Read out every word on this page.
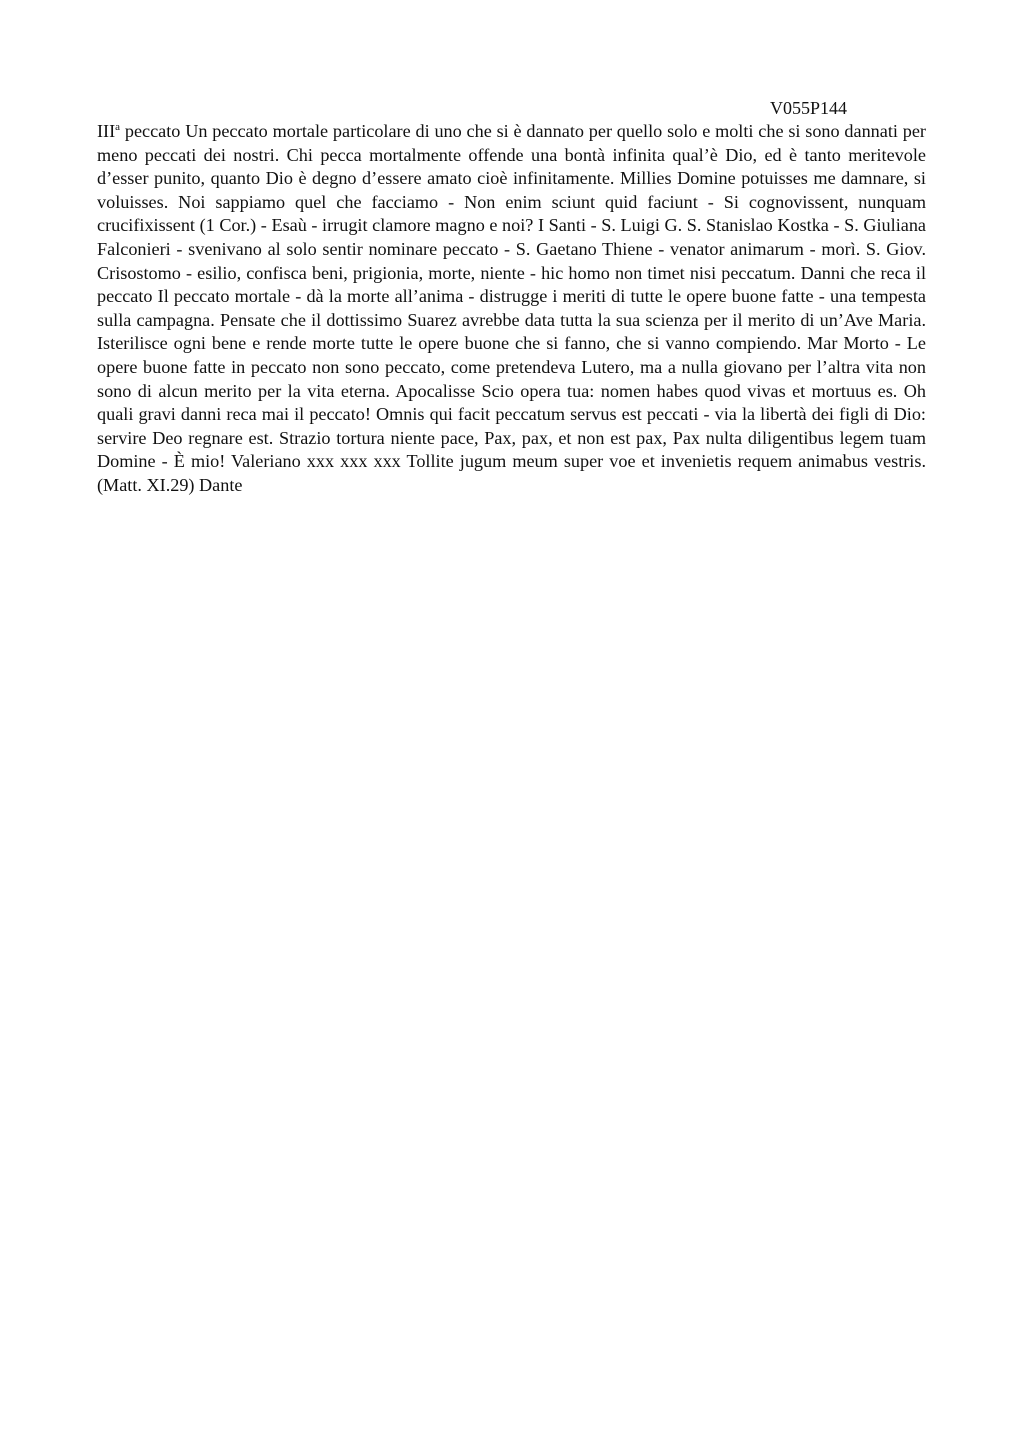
V055P144

III$^a$ peccato Un peccato mortale particolare di uno che si è dannato per quello solo e molti che si sono dannati per meno peccati dei nostri. Chi pecca mortalmente offende una bontà infinita qual’è Dio, ed è tanto meritevole d’esser punito, quanto Dio è degno d’essere amato cioè infinitamente. Millies Domine potuisses me damnare, si voluisses. Noi sappiamo quel che facciamo - Non enim sciunt quid faciunt - Si cognovissent, nunquam crucifixissent (1 Cor.) - Esaù - irrugit clamore magno e noi? I Santi - S. Luigi G. S. Stanislao Kostka - S. Giuliana Falconieri - svenivano al solo sentir nominare peccato - S. Gaetano Thiene - venator animarum - morì. S. Giov. Crisostomo - esilio, confisca beni, prigionia, morte, niente - hic homo non timet nisi peccatum. Danni che reca il peccato Il peccato mortale - dà la morte all’anima - distrugge i meriti di tutte le opere buone fatte - una tempesta sulla campagna. Pensate che il dottissimo Suarez avrebbe data tutta la sua scienza per il merito di un’Ave Maria. Isterilisce ogni bene e rende morte tutte le opere buone che si fanno, che si vanno compiendo. Mar Morto - Le opere buone fatte in peccato non sono peccato, come pretendeva Lutero, ma a nulla giovano per l’altra vita non sono di alcun merito per la vita eterna. Apocalisse Scio opera tua: nomen habes quod vivas et mortuus es. Oh quali gravi danni reca mai il peccato! Omnis qui facit peccatum servus est peccati - via la libertà dei figli di Dio: servire Deo regnare est. Strazio tortura niente pace, Pax, pax, et non est pax, Pax nulta diligentibus legem tuam Domine - È mio! Valeriano xxx xxx xxx Tollite jugum meum super voe et invenietis requem animabus vestris. (Matt. XI.29) Dante
